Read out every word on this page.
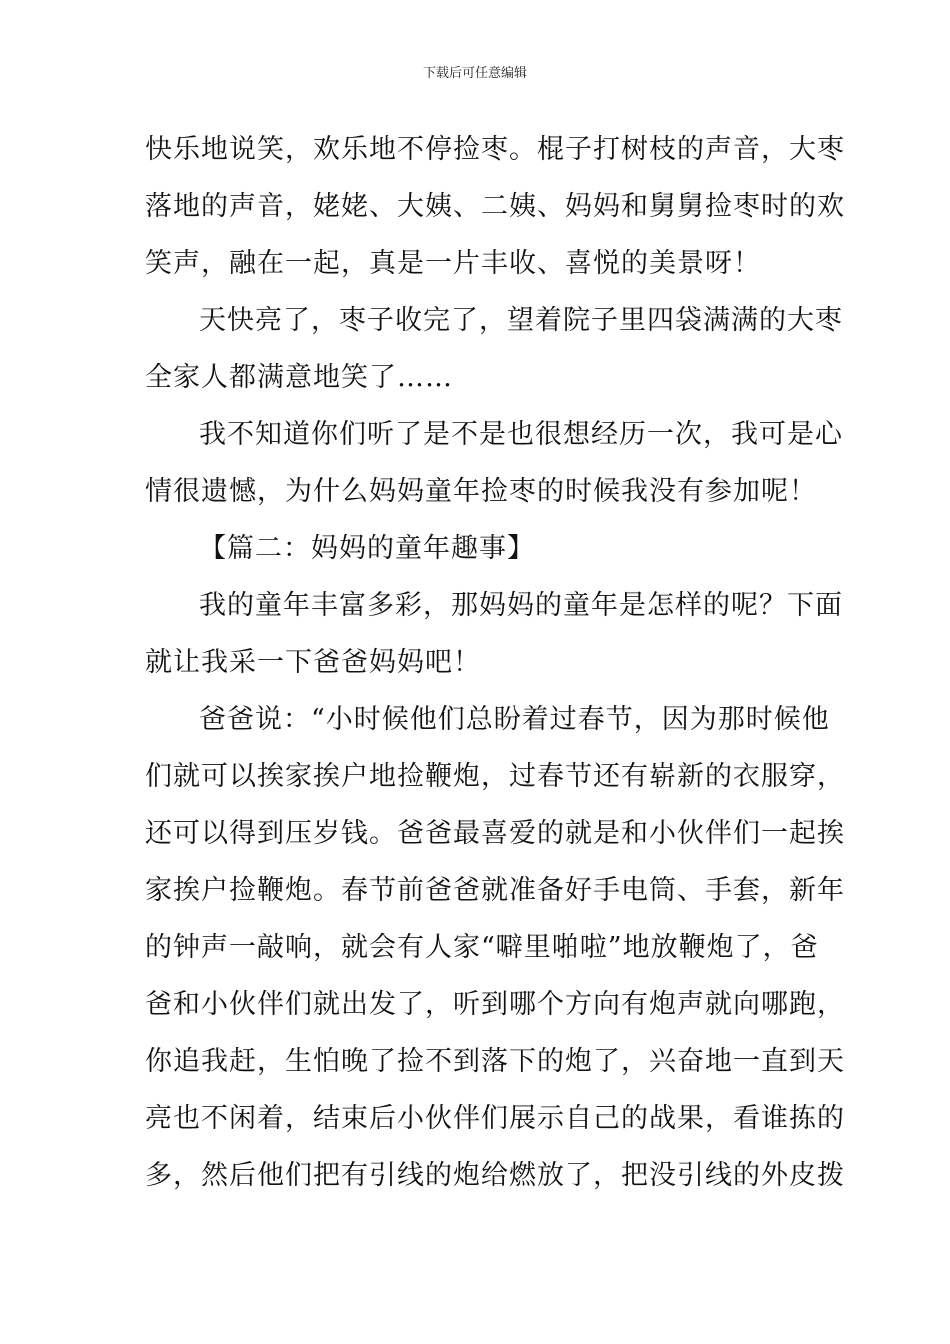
下载后可任意编辑
快乐地说笑，欢乐地不停捡枣。棍子打树枝的声音，大枣
落地的声音，姥姥、大姨、二姨、妈妈和舅舅捡枣时的欢
笑声，融在一起，真是一片丰收、喜悦的美景呀！
天快亮了，枣子收完了，望着院子里四袋满满的大枣
全家人都满意地笑了……
我不知道你们听了是不是也很想经历一次，我可是心
情很遗憾，为什么妈妈童年捡枣的时候我没有参加呢！
【篇二：妈妈的童年趣事】
我的童年丰富多彩，那妈妈的童年是怎样的呢？下面
就让我采一下爸爸妈妈吧！
爸爸说：“小时候他们总盼着过春节，因为那时候他
们就可以挨家挨户地捡鞭炮，过春节还有崭新的衣服穿，
还可以得到压岁钱。爸爸最喜爱的就是和小伙伴们一起挨
家挨户捡鞭炮。春节前爸爸就准备好手电筒、手套，新年
的钟声一敲响，就会有人家“噼里啪啦”地放鞭炮了，爸
爸和小伙伴们就出发了，听到哪个方向有炮声就向哪跑，
你追我赶，生怕晚了捡不到落下的炮了，兴奋地一直到天
亮也不闲着，结束后小伙伴们展示自己的战果，看谁拣的
多，然后他们把有引线的炮给燃放了，把没引线的外皮拨
